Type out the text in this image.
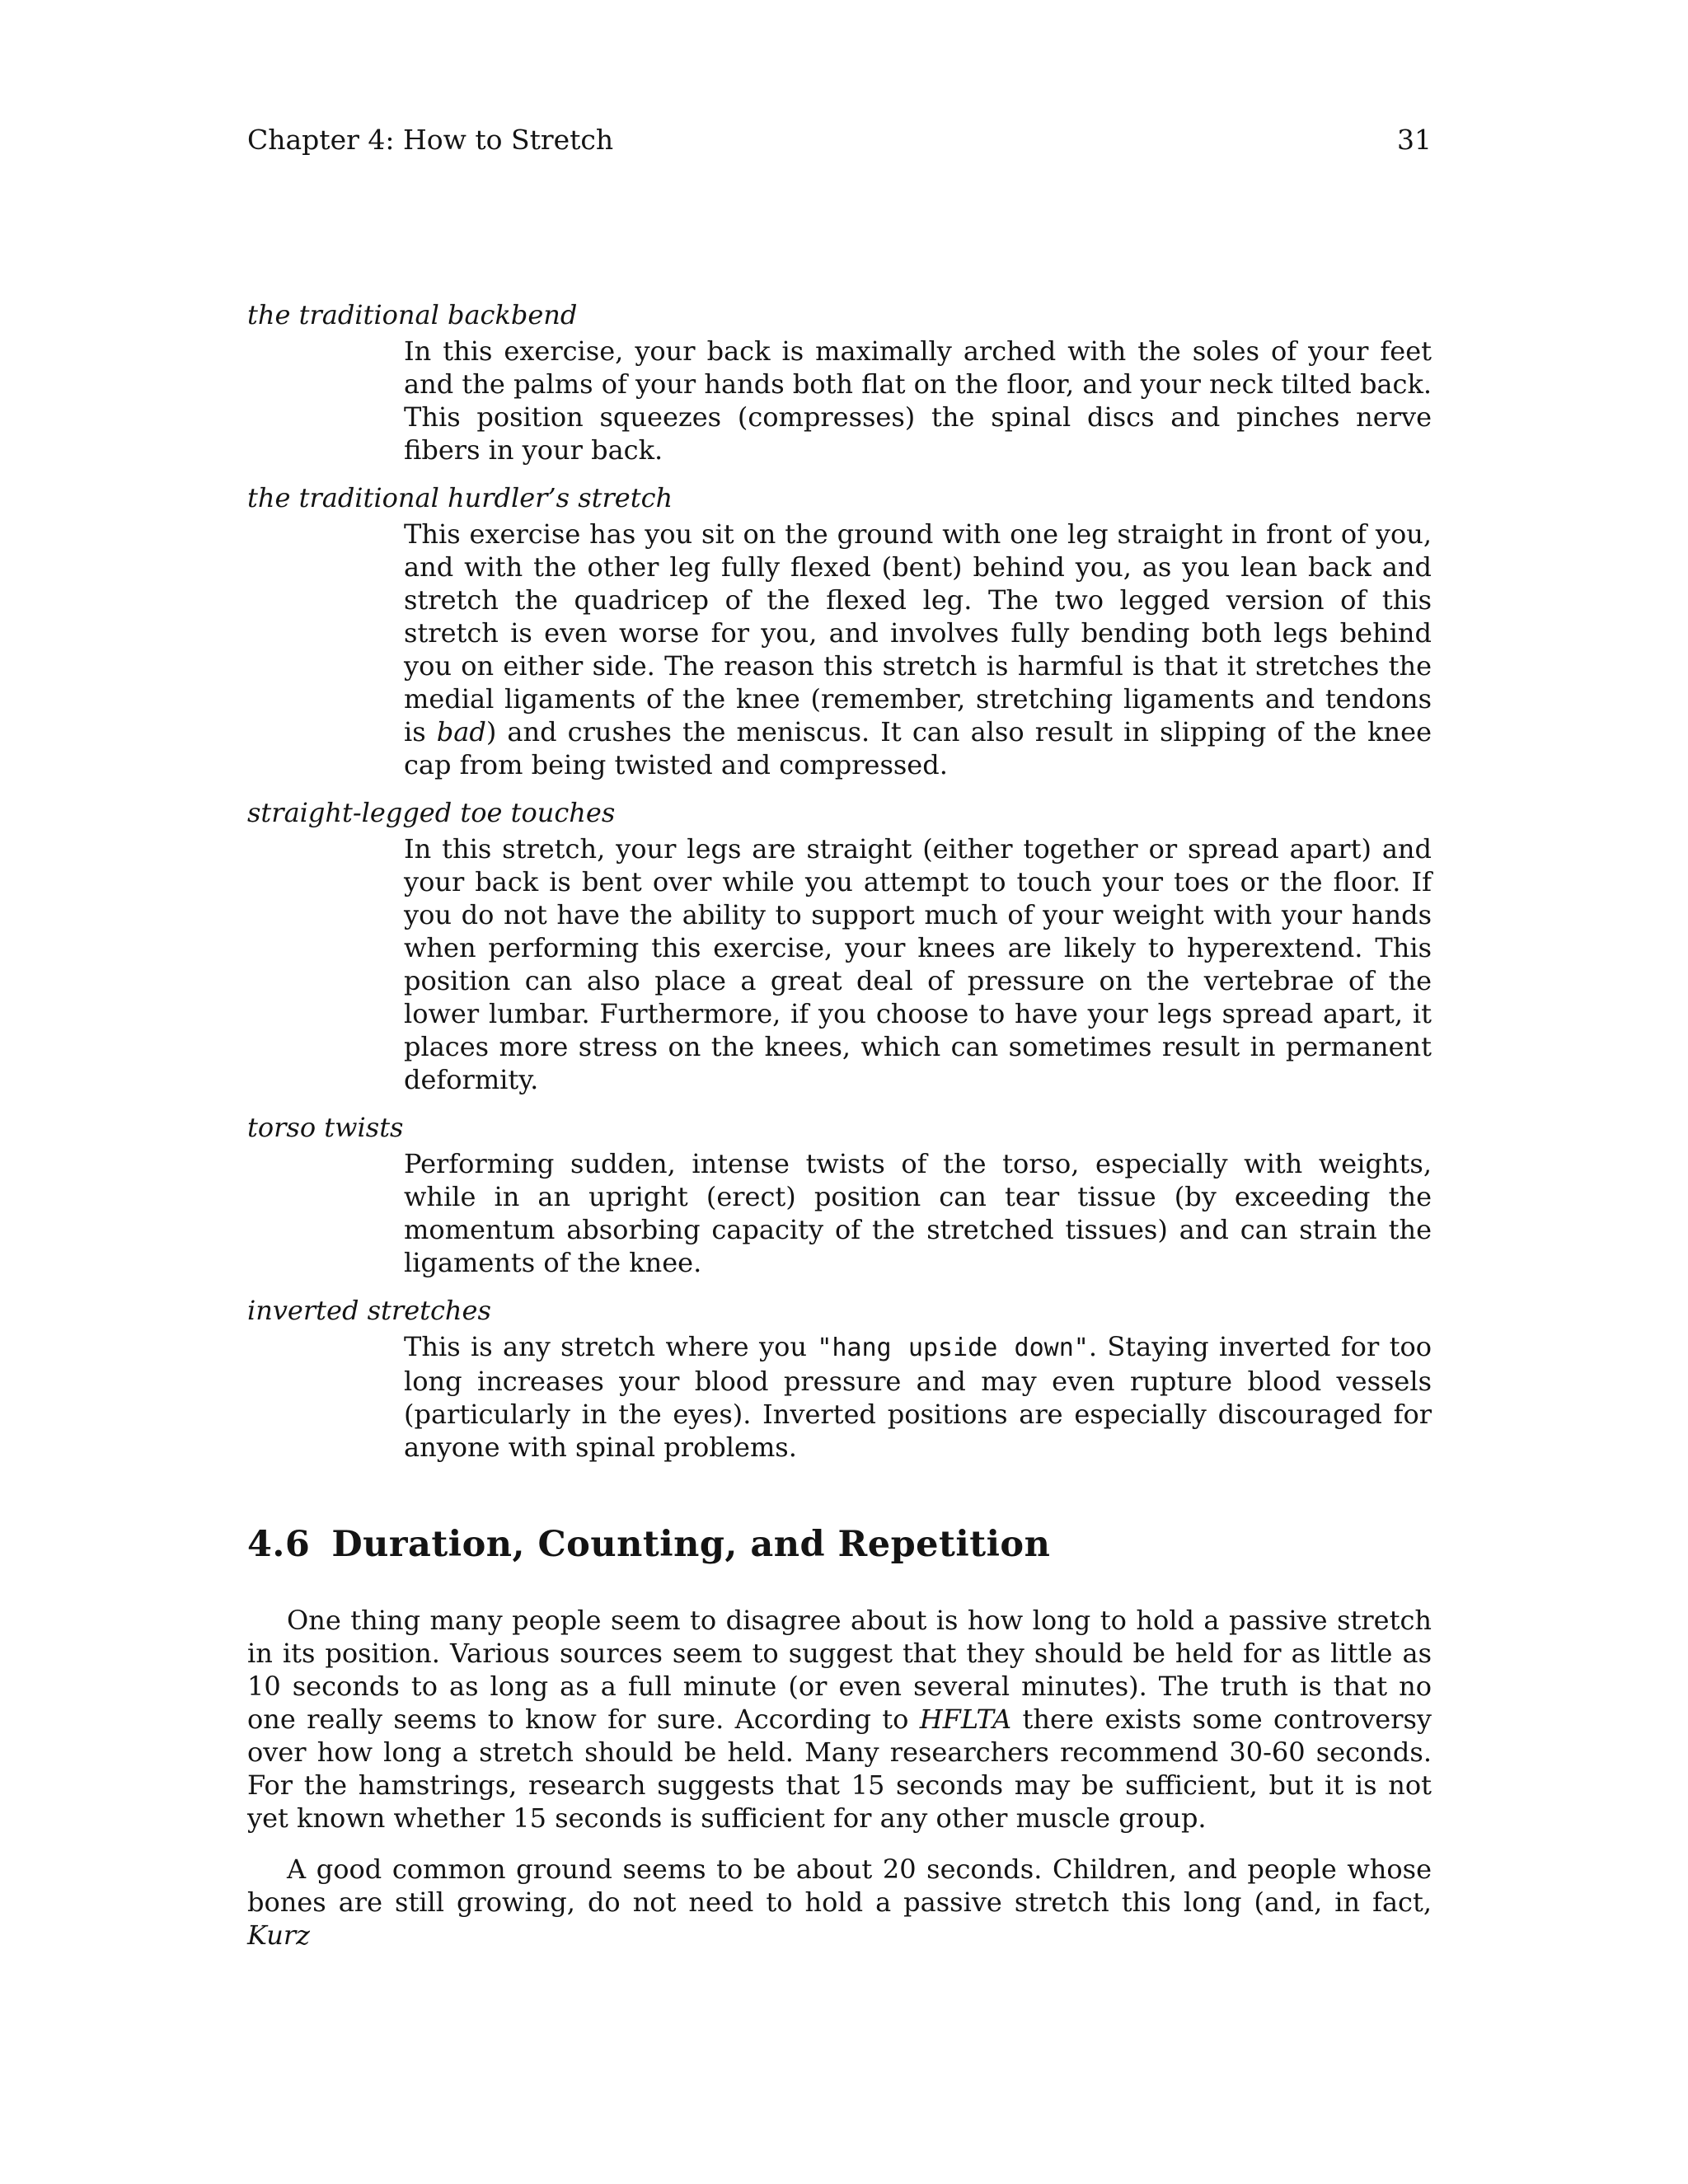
Chapter 4: How to Stretch	31
the traditional backbend
In this exercise, your back is maximally arched with the soles of your feet and the palms of your hands both flat on the floor, and your neck tilted back. This position squeezes (compresses) the spinal discs and pinches nerve fibers in your back.
the traditional hurdler’s stretch
This exercise has you sit on the ground with one leg straight in front of you, and with the other leg fully flexed (bent) behind you, as you lean back and stretch the quadricep of the flexed leg. The two legged version of this stretch is even worse for you, and involves fully bending both legs behind you on either side. The reason this stretch is harmful is that it stretches the medial ligaments of the knee (remember, stretching ligaments and tendons is bad) and crushes the meniscus. It can also result in slipping of the knee cap from being twisted and compressed.
straight-legged toe touches
In this stretch, your legs are straight (either together or spread apart) and your back is bent over while you attempt to touch your toes or the floor. If you do not have the ability to support much of your weight with your hands when performing this exercise, your knees are likely to hyperextend. This position can also place a great deal of pressure on the vertebrae of the lower lumbar. Furthermore, if you choose to have your legs spread apart, it places more stress on the knees, which can sometimes result in permanent deformity.
torso twists
Performing sudden, intense twists of the torso, especially with weights, while in an upright (erect) position can tear tissue (by exceeding the momentum absorbing capacity of the stretched tissues) and can strain the ligaments of the knee.
inverted stretches
This is any stretch where you "hang upside down". Staying inverted for too long increases your blood pressure and may even rupture blood vessels (particularly in the eyes). Inverted positions are especially discouraged for anyone with spinal problems.
4.6 Duration, Counting, and Repetition

One thing many people seem to disagree about is how long to hold a passive stretch in its position. Various sources seem to suggest that they should be held for as little as 10 seconds to as long as a full minute (or even several minutes). The truth is that no one really seems to know for sure. According to HFLTA there exists some controversy over how long a stretch should be held. Many researchers recommend 30-60 seconds. For the hamstrings, research suggests that 15 seconds may be sufficient, but it is not yet known whether 15 seconds is sufficient for any other muscle group.

A good common ground seems to be about 20 seconds. Children, and people whose bones are still growing, do not need to hold a passive stretch this long (and, in fact, Kurz
